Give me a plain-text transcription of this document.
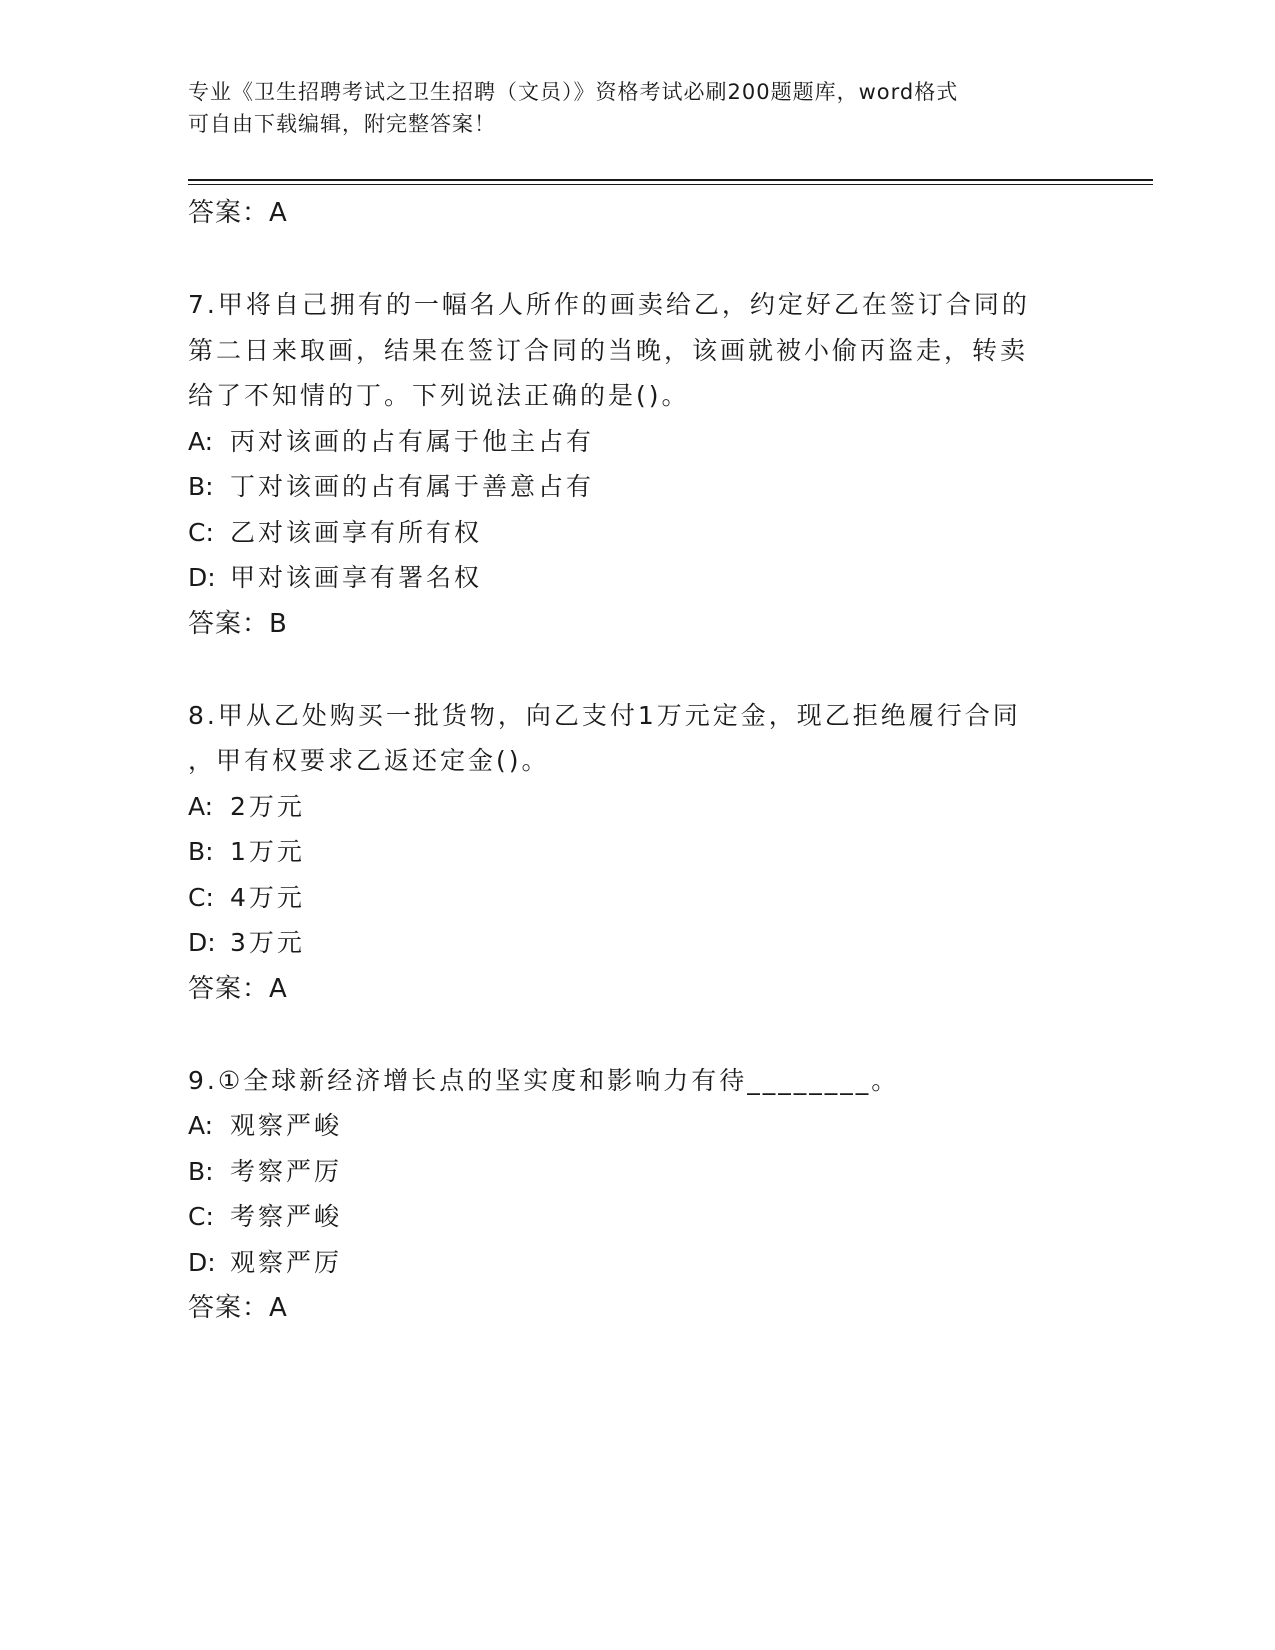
专业《卫生招聘考试之卫生招聘（文员）》资格考试必刷200题题库，word格式
可自由下载编辑，附完整答案！
答案：A
7.甲将自己拥有的一幅名人所作的画卖给乙，约定好乙在签订合同的
第二日来取画，结果在签订合同的当晚，该画就被小偷丙盗走，转卖
给了不知情的丁。下列说法正确的是()。
A: 丙对该画的占有属于他主占有
B: 丁对该画的占有属于善意占有
C: 乙对该画享有所有权
D: 甲对该画享有署名权
答案：B
8.甲从乙处购买一批货物，向乙支付1万元定金，现乙拒绝履行合同
，甲有权要求乙返还定金()。
A: 2万元
B: 1万元
C: 4万元
D: 3万元
答案：A
9.①全球新经济增长点的坚实度和影响力有待________。
A: 观察严峻
B: 考察严厉
C: 考察严峻
D: 观察严厉
答案：A
